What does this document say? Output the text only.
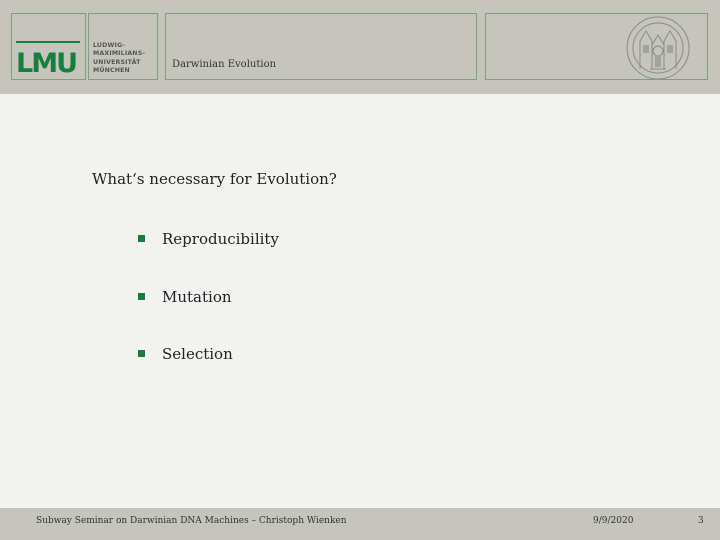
LMU
LUDWIG-
MAXIMILIANS-
UNIVERSITÄT
MÜNCHEN
Darwinian Evolution
What‘s necessary for Evolution?
Reproducibility
Mutation
Selection
Subway Seminar on Darwinian DNA Machines – Christoph Wienken	9/9/2020	3
